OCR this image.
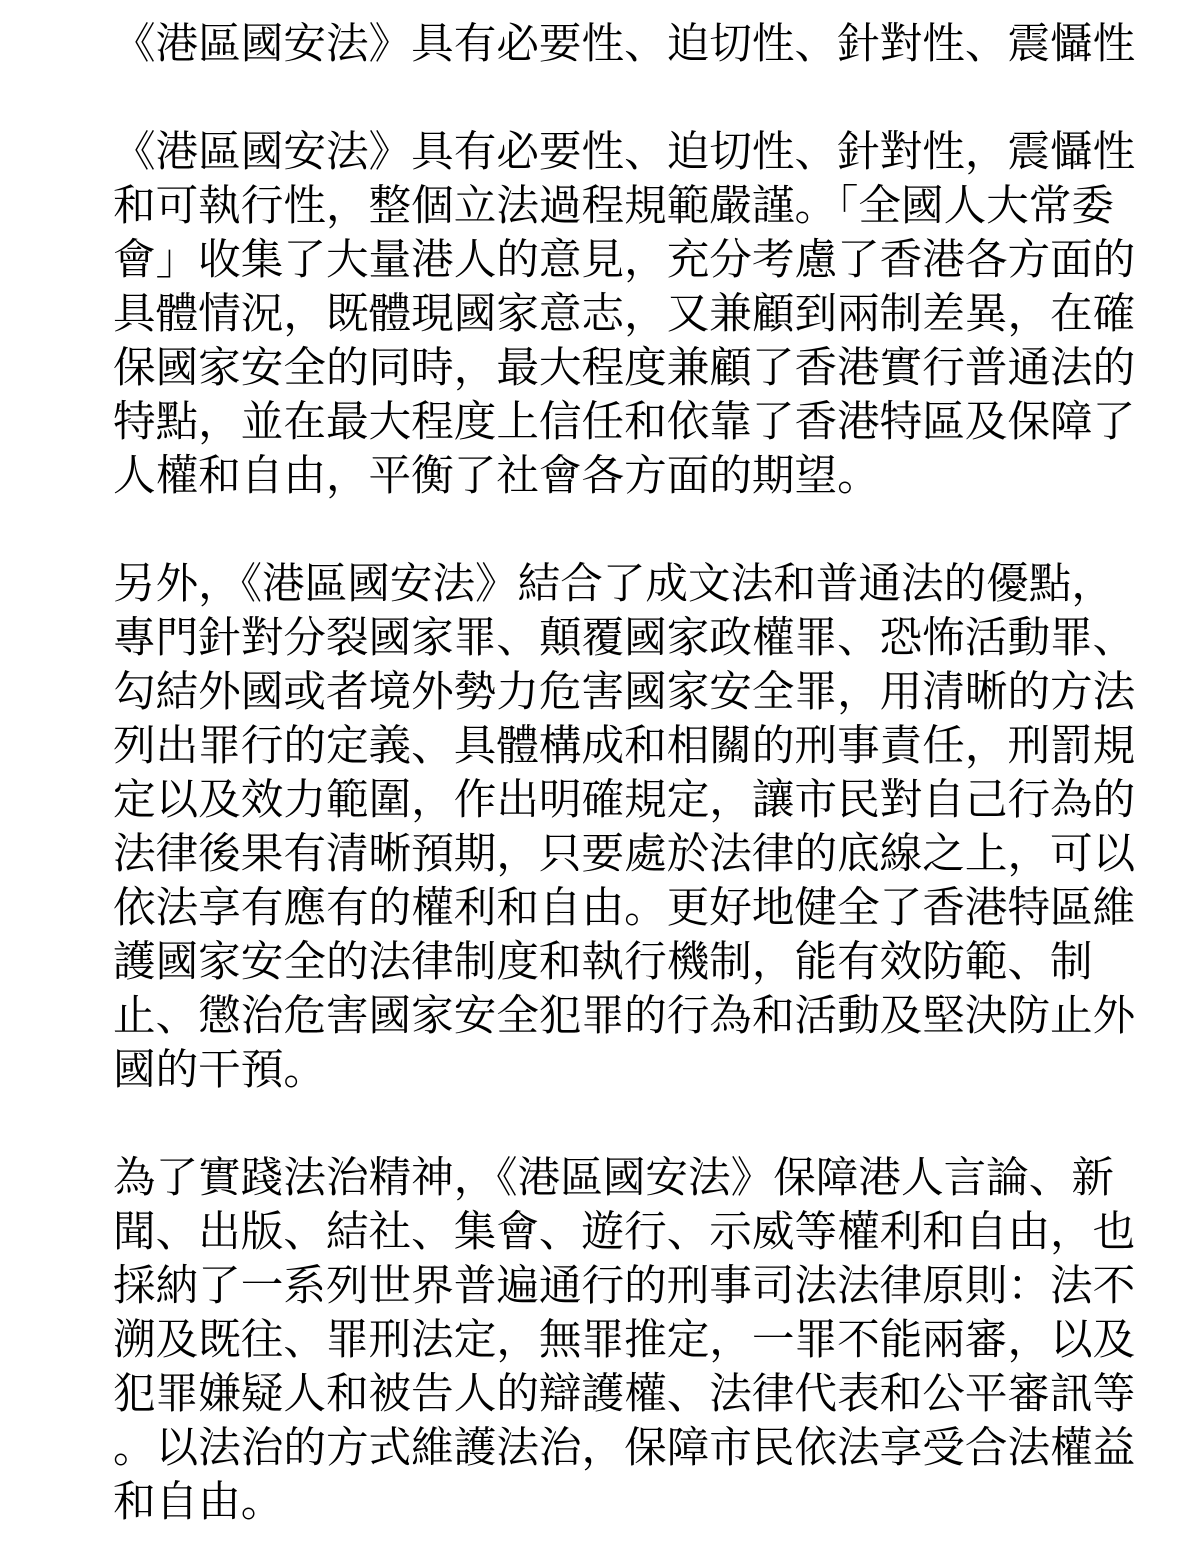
《港區國安法》具有必要性、迫切性、針對性、震懾性
《港區國安法》具有必要性、迫切性、針對性，震懾性
和可執行性，整個立法過程規範嚴謹。「全國人大常委
會」收集了大量港人的意見，充分考慮了香港各方面的
具體情況，既體現國家意志，又兼顧到兩制差異，在確
保國家安全的同時，最大程度兼顧了香港實行普通法的
特點，並在最大程度上信任和依靠了香港特區及保障了
人權和自由，平衡了社會各方面的期望。
另外，《港區國安法》結合了成文法和普通法的優點，
專門針對分裂國家罪、顛覆國家政權罪、恐怖活動罪、
勾結外國或者境外勢力危害國家安全罪，用清晰的方法
列出罪行的定義、具體構成和相關的刑事責任，刑罰規
定以及效力範圍，作出明確規定，讓市民對自己行為的
法律後果有清晰預期，只要處於法律的底線之上，可以
依法享有應有的權利和自由。更好地健全了香港特區維
護國家安全的法律制度和執行機制，能有效防範、制
止、懲治危害國家安全犯罪的行為和活動及堅決防止外
國的干預。
為了實踐法治精神，《港區國安法》保障港人言論、新
聞、出版、結社、集會、遊行、示威等權利和自由，也
採納了一系列世界普遍通行的刑事司法法律原則：法不
溯及既往、罪刑法定，無罪推定，一罪不能兩審，以及
犯罪嫌疑人和被告人的辯護權、法律代表和公平審訊等
。以法治的方式維護法治，保障市民依法享受合法權益
和自由。
